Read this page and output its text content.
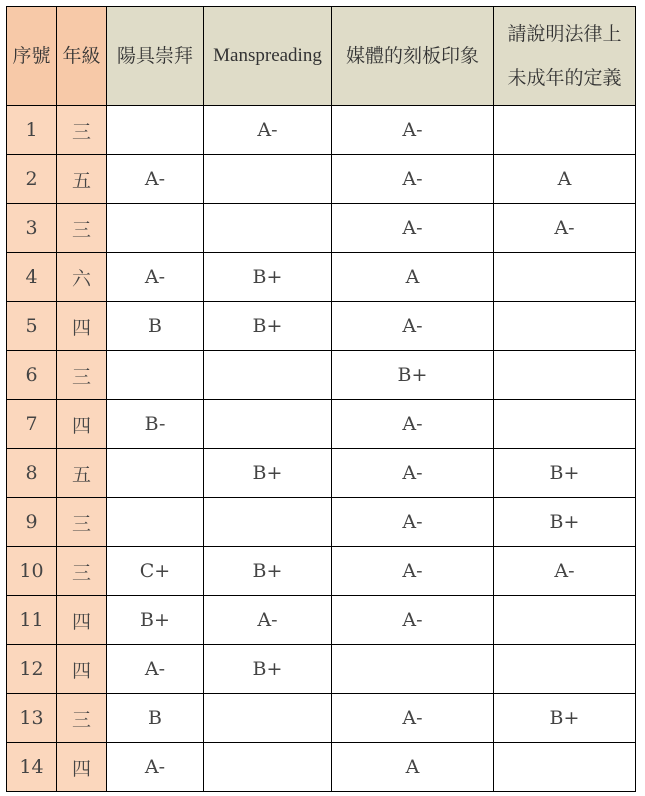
序號	年級	陽具崇拜	Manspreading	媒體的刻板印象	請說明法律上
未成年的定義

1	三		A-	A-	
2	五	A-		A-	A
3	三			A-	A-
4	六	A-	B+	A	
5	四	B	B+	A-	
6	三			B+	
7	四	B-		A-	
8	五		B+	A-	B+
9	三			A-	B+
10	三	C+	B+	A-	A-
11	四	B+	A-	A-	
12	四	A-	B+		
13	三	B		A-	B+
14	四	A-		A	
